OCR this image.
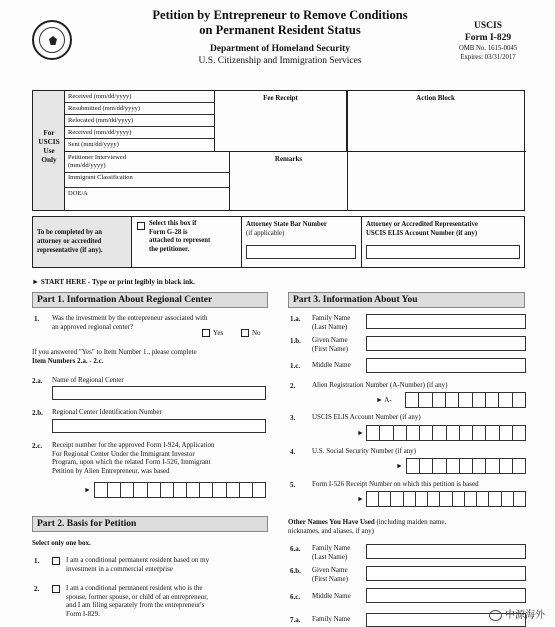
Petition by Entrepreneur to Remove Conditions
on Permanent Resident Status
Department of Homeland Security
U.S. Citizenship and Immigration Services
USCIS
Form I-829
OMB No. 1615-0045
Expires: 03/31/2017
For
USCIS
Use
Only
Received (mm/dd/yyyy)
Resubmitted (mm/dd/yyyy)
Relocated (mm/dd/yyyy)
Received (mm/dd/yyyy)
Sent (mm/dd/yyyy)
Fee Receipt	Action Block
Petitioner Interviewed
(mm/dd/yyyy)
Immigrant Classification
DOE/A
Remarks
To be completed by an
attorney or accredited
representative (if any).
Select this box if
Form G-28 is
attached to represent
the petitioner.
Attorney State Bar Number
(if applicable)
Attorney or Accredited Representative
USCIS ELIS Account Number (if any)
► START HERE - Type or print legibly in black ink.
Part 1. Information About Regional Center
1. Was the investment by the entrepreneur associated with
an approved regional center?
Yes	No
If you answered "Yes" to Item Number 1., please complete
Item Numbers 2.a. - 2.c.
2.a. Name of Regional Center
2.b. Regional Center Identification Number
2.c. Receipt number for the approved Form I-924, Application
For Regional Center Under the Immigrant Investor
Program, upon which the related Form I-526, Immigrant
Petition by Alien Entrepreneur, was based
►
Part 2. Basis for Petition
Select only one box.
1.	I am a conditional permanent resident based on my
investment in a commercial enterprise
2.	I am a conditional permanent resident who is the
spouse, former spouse, or child of an entrepreneur,
and I am filing separately from the entrepreneur's
Form I-829.
Part 3. Information About You
1.a. Family Name
(Last Name)
1.b. Given Name
(First Name)
1.c. Middle Name
2. Alien Registration Number (A-Number) (if any)
► A-
3. USCIS ELIS Account Number (if any)
►
4. U.S. Social Security Number (if any)
►
5. Form I-526 Receipt Number on which this petition is based
►
Other Names You Have Used (including maiden name,
nicknames, and aliases, if any)
6.a. Family Name
(Last Name)
6.b. Given Name
(First Name)
6.c. Middle Name
7.a. Family Name	中源海外
